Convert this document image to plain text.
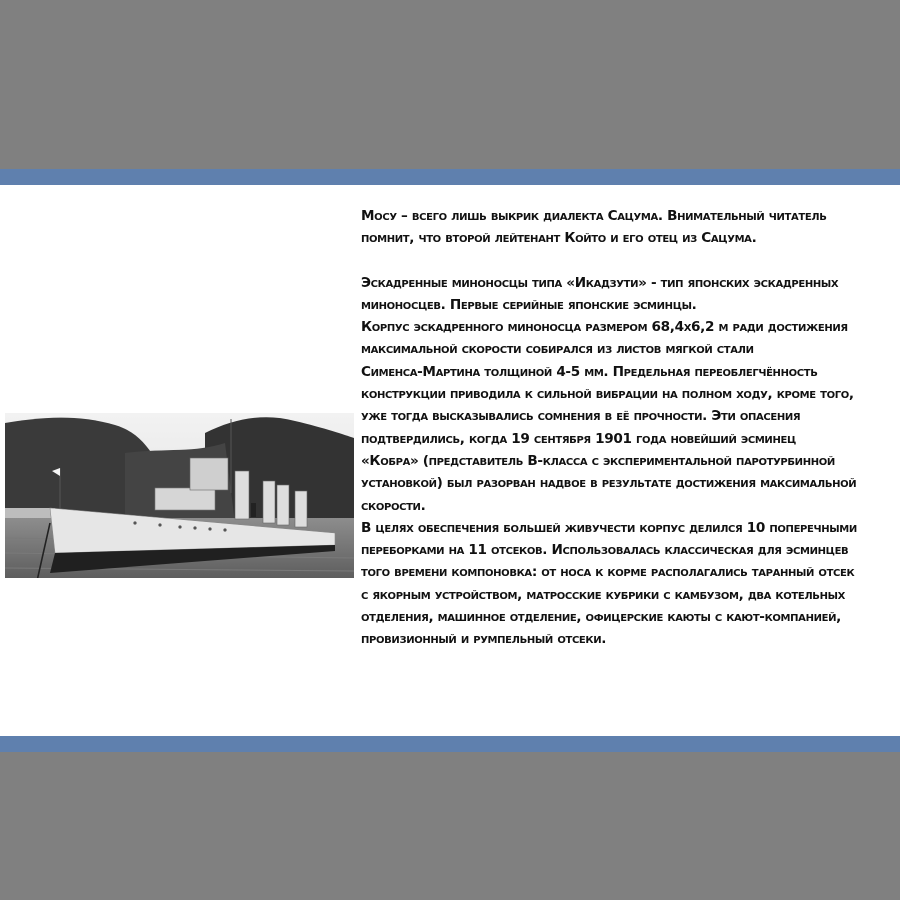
Мосу – всего лишь выкрик диалекта Сацума. Внимательный читатель

помнит, что второй лейтенант Който и его отец из Сацума.

Эскадренные миноносцы типа «Икадзути» - тип японских эскадренных

миноносцев. Первые серийные японские эсминцы.

Корпус эскадренного миноносца размером 68,4х6,2 м ради достижения

максимальной скорости собирался из листов мягкой стали

Сименса-Мартина толщиной 4-5 мм. Предельная переоблегчённость

конструкции приводила к сильной вибрации на полном ходу, кроме того,

уже тогда высказывались сомнения в её прочности. Эти опасения

подтвердились, когда 19 сентября 1901 года новейший эсминец

«Кобра» (представитель B-класса с экспериментальной паротурбинной

установкой) был разорван надвое в результате достижения максимальной

скорости.

В целях обеспечения большей живучести корпус делился 10 поперечными

переборками на 11 отсеков. Использовалась классическая для эсминцев

того времени компоновка: от носа к корме располагались таранный отсек

с якорным устройством, матросские кубрики с камбузом, два котельных

отделения, машинное отделение, офицерские каюты с кают-компанией,

провизионный и румпельный отсеки.
